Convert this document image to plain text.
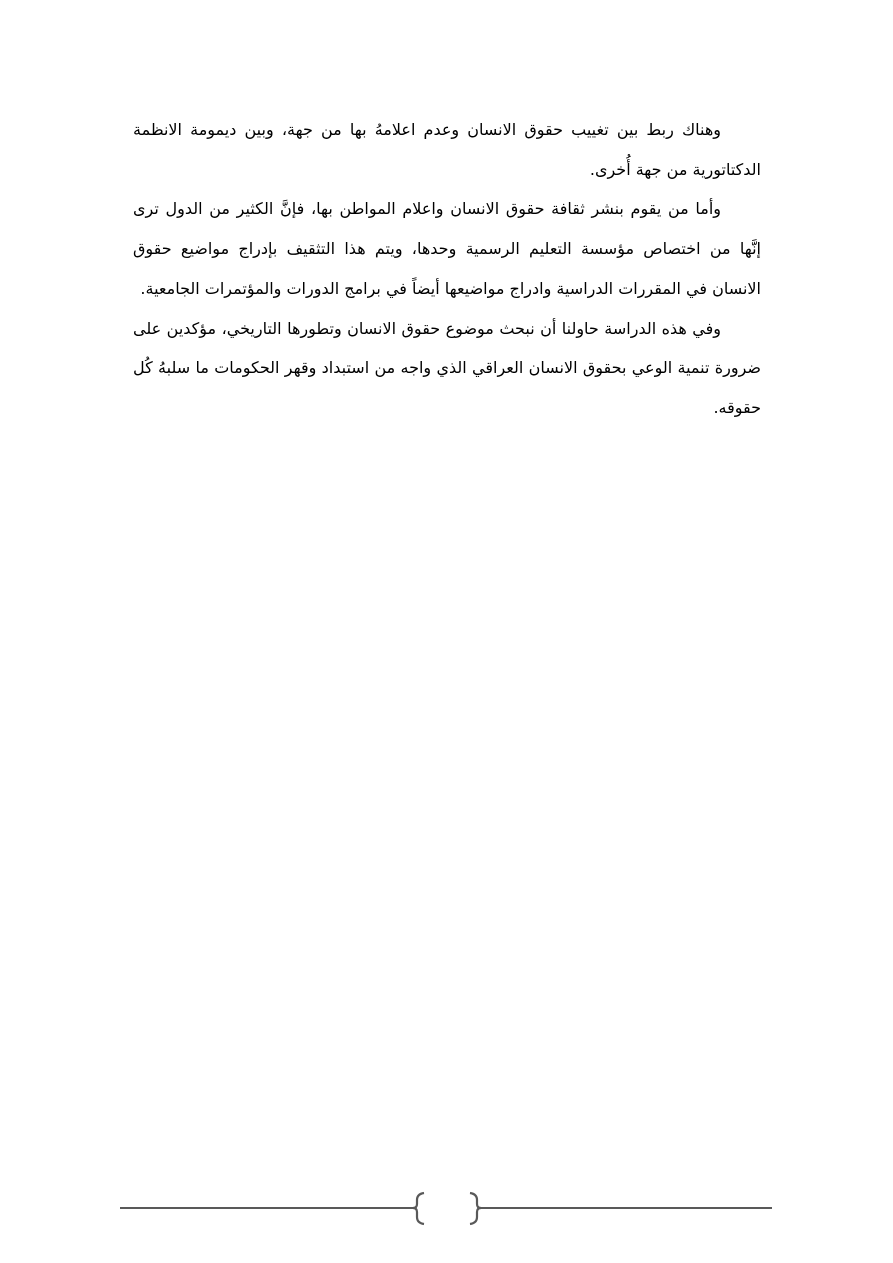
وهناك ربط بين تغييب حقوق الانسان وعدم اعلامهُ بها من جهة، وبين ديمومة الانظمة الدكتاتورية من جهة أُخرى.

وأما من يقوم بنشر ثقافة حقوق الانسان واعلام المواطن بها، فإنَّ الكثير من الدول ترى إنَّها من اختصاص مؤسسة التعليم الرسمية وحدها، ويتم هذا التثقيف بإدراج مواضيع حقوق الانسان في المقررات الدراسية وادراج مواضيعها أيضاً في برامج الدورات والمؤتمرات الجامعية.

وفي هذه الدراسة حاولنا أن نبحث موضوع حقوق الانسان وتطورها التاريخي، مؤكدين على ضرورة تنمية الوعي بحقوق الانسان العراقي الذي واجه من استبداد وقهر الحكومات ما سلبهُ كُل حقوقه.
